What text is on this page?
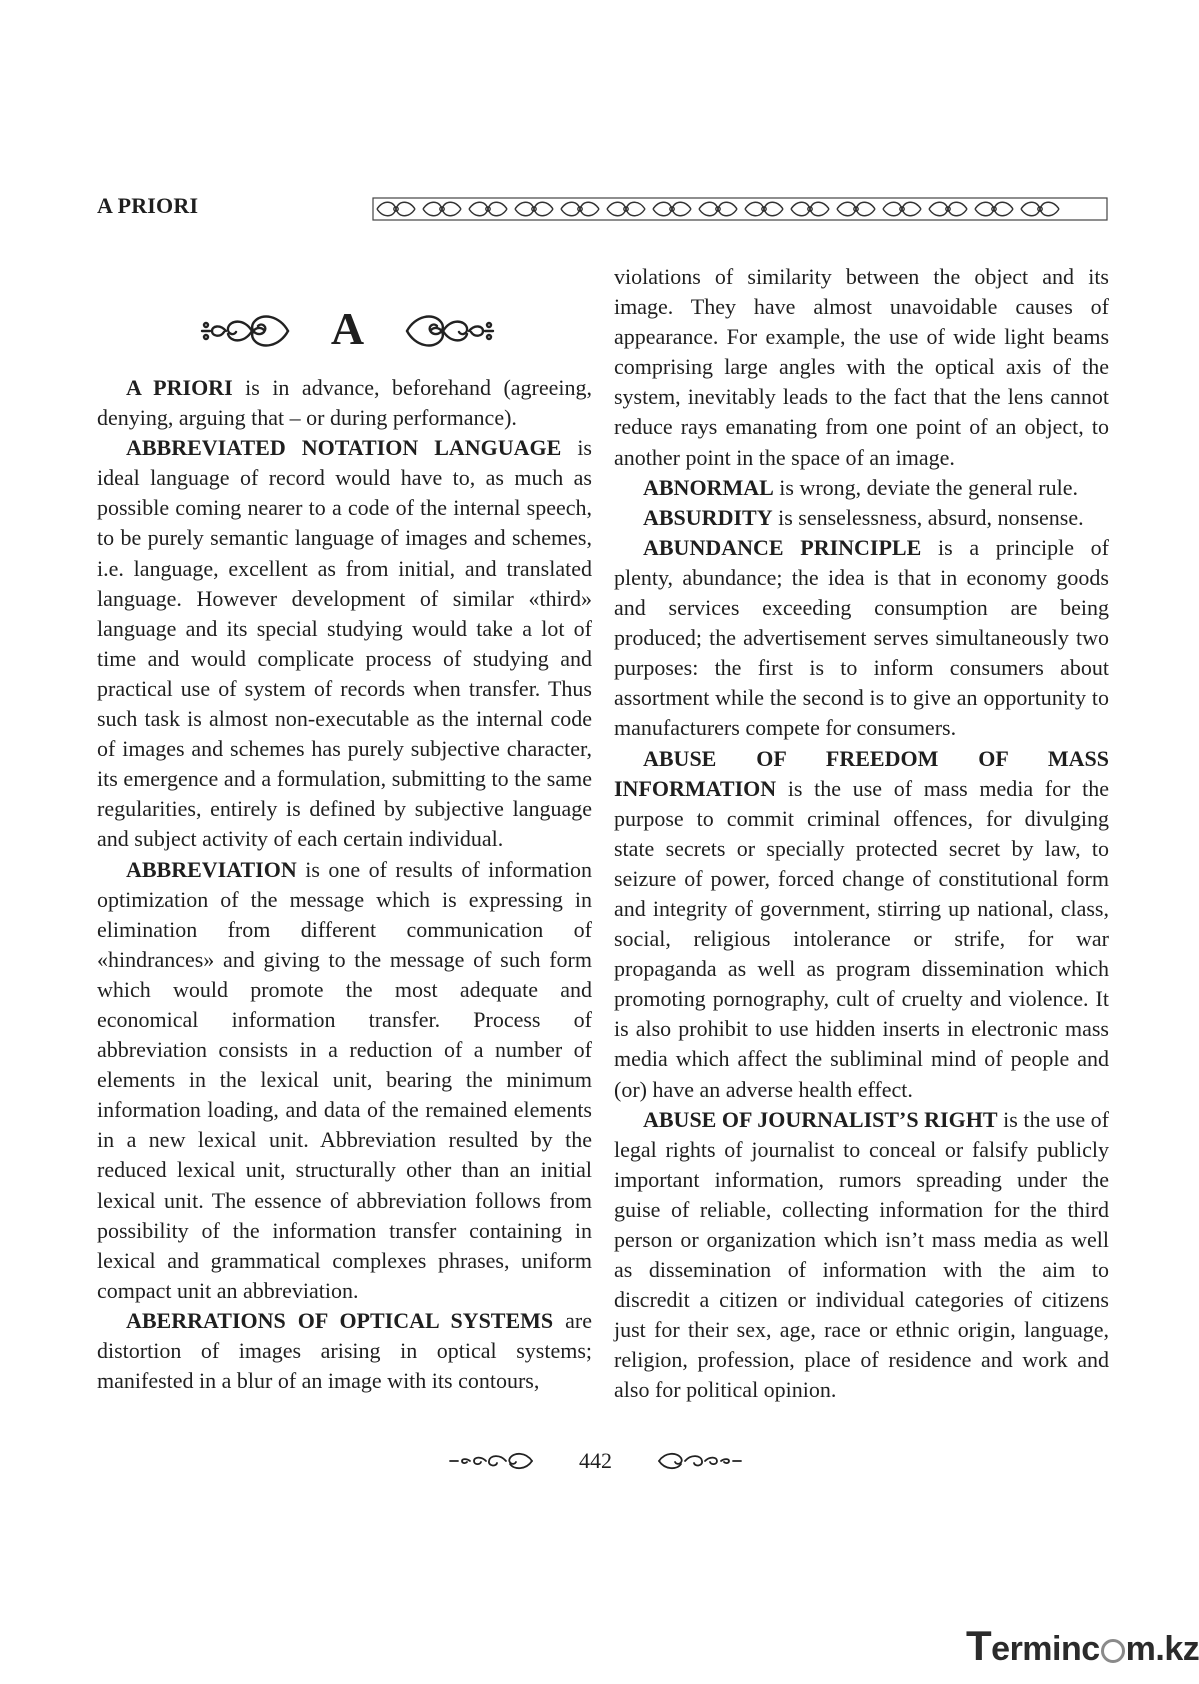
A PRIORI
A

A PRIORI is in advance, beforehand (agreeing, denying, arguing that – or during performance).

ABBREVIATED NOTATION LANGUAGE is ideal language of record would have to, as much as possible coming nearer to a code of the internal speech, to be purely semantic language of images and schemes, i.e. language, excellent as from initial, and translated language. However development of similar «third» language and its special studying would take a lot of time and would complicate process of studying and practical use of system of records when transfer. Thus such task is almost non-executable as the internal code of images and schemes has purely subjective character, its emergence and a formulation, submitting to the same regularities, entirely is defined by subjective language and subject activity of each certain individual.

ABBREVIATION is one of results of information optimization of the message which is expressing in elimination from different communication of «hindrances» and giving to the message of such form which would promote the most adequate and economical information transfer. Process of abbreviation consists in a reduction of a number of elements in the lexical unit, bearing the minimum information loading, and data of the remained elements in a new lexical unit. Abbreviation resulted by the reduced lexical unit, structurally other than an initial lexical unit. The essence of abbreviation follows from possibility of the information transfer containing in lexical and grammatical complexes phrases, uniform compact unit an abbreviation.

ABERRATIONS OF OPTICAL SYSTEMS are distortion of images arising in optical systems; manifested in a blur of an image with its contours,

violations of similarity between the object and its image. They have almost unavoidable causes of appearance. For example, the use of wide light beams comprising large angles with the optical axis of the system, inevitably leads to the fact that the lens cannot reduce rays emanating from one point of an object, to another point in the space of an image.

ABNORMAL is wrong, deviate the general rule.

ABSURDITY is senselessness, absurd, nonsense.

ABUNDANCE PRINCIPLE is a principle of plenty, abundance; the idea is that in economy goods and services exceeding consumption are being produced; the advertisement serves simultaneously two purposes: the first is to inform consumers about assortment while the second is to give an opportunity to manufacturers compete for consumers.

ABUSE OF FREEDOM OF MASS INFORMATION is the use of mass media for the purpose to commit criminal offences, for divulging state secrets or specially protected secret by law, to seizure of power, forced change of constitutional form and integrity of government, stirring up national, class, social, religious intolerance or strife, for war propaganda as well as program dissemination which promoting pornography, cult of cruelty and violence. It is also prohibit to use hidden inserts in electronic mass media which affect the subliminal mind of people and (or) have an adverse health effect.

ABUSE OF JOURNALIST’S RIGHT is the use of legal rights of journalist to conceal or falsify publicly important information, rumors spreading under the guise of reliable, collecting information for the third person or organization which isn’t mass media as well as dissemination of information with the aim to discredit a citizen or individual categories of citizens just for their sex, age, race or ethnic origin, language, religion, profession, place of residence and work and also for political opinion.

442
Terminc m.kz
